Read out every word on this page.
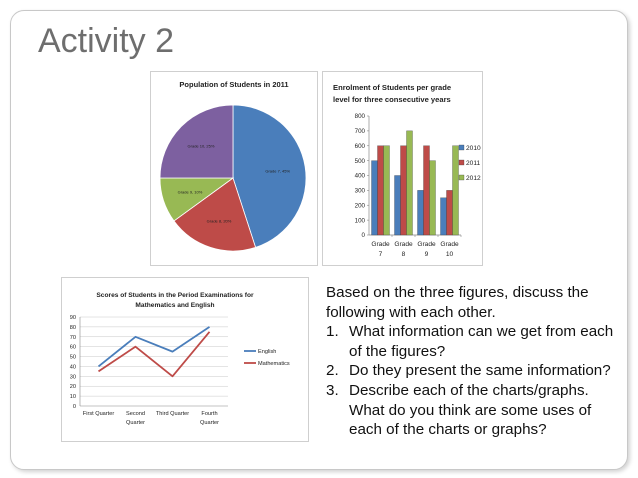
Activity 2
Population of Students in 2011
Grade 7, 45%
Grade 8, 20%
Grade 9, 10%
Grade 10, 25%
Enrolment of Students per grade
level for three consecutive years
0
100
200
300
400
500
600
700
800
Grade
7
Grade
8
Grade
9
Grade
10
2010
2011
2012
Scores of Students in the Period Examinations for
Mathematics and English
0
10
20
30
40
50
60
70
80
90
First Quarter Second
Quarter
Third Quarter Fourth
Quarter
English
Mathematics

Based on the three figures, discuss the following with each other.

1. What information can we get from each of the figures?
2. Do they present the same information?
3. Describe each of the charts/graphs. What do you think are some uses of each of the charts or graphs?
